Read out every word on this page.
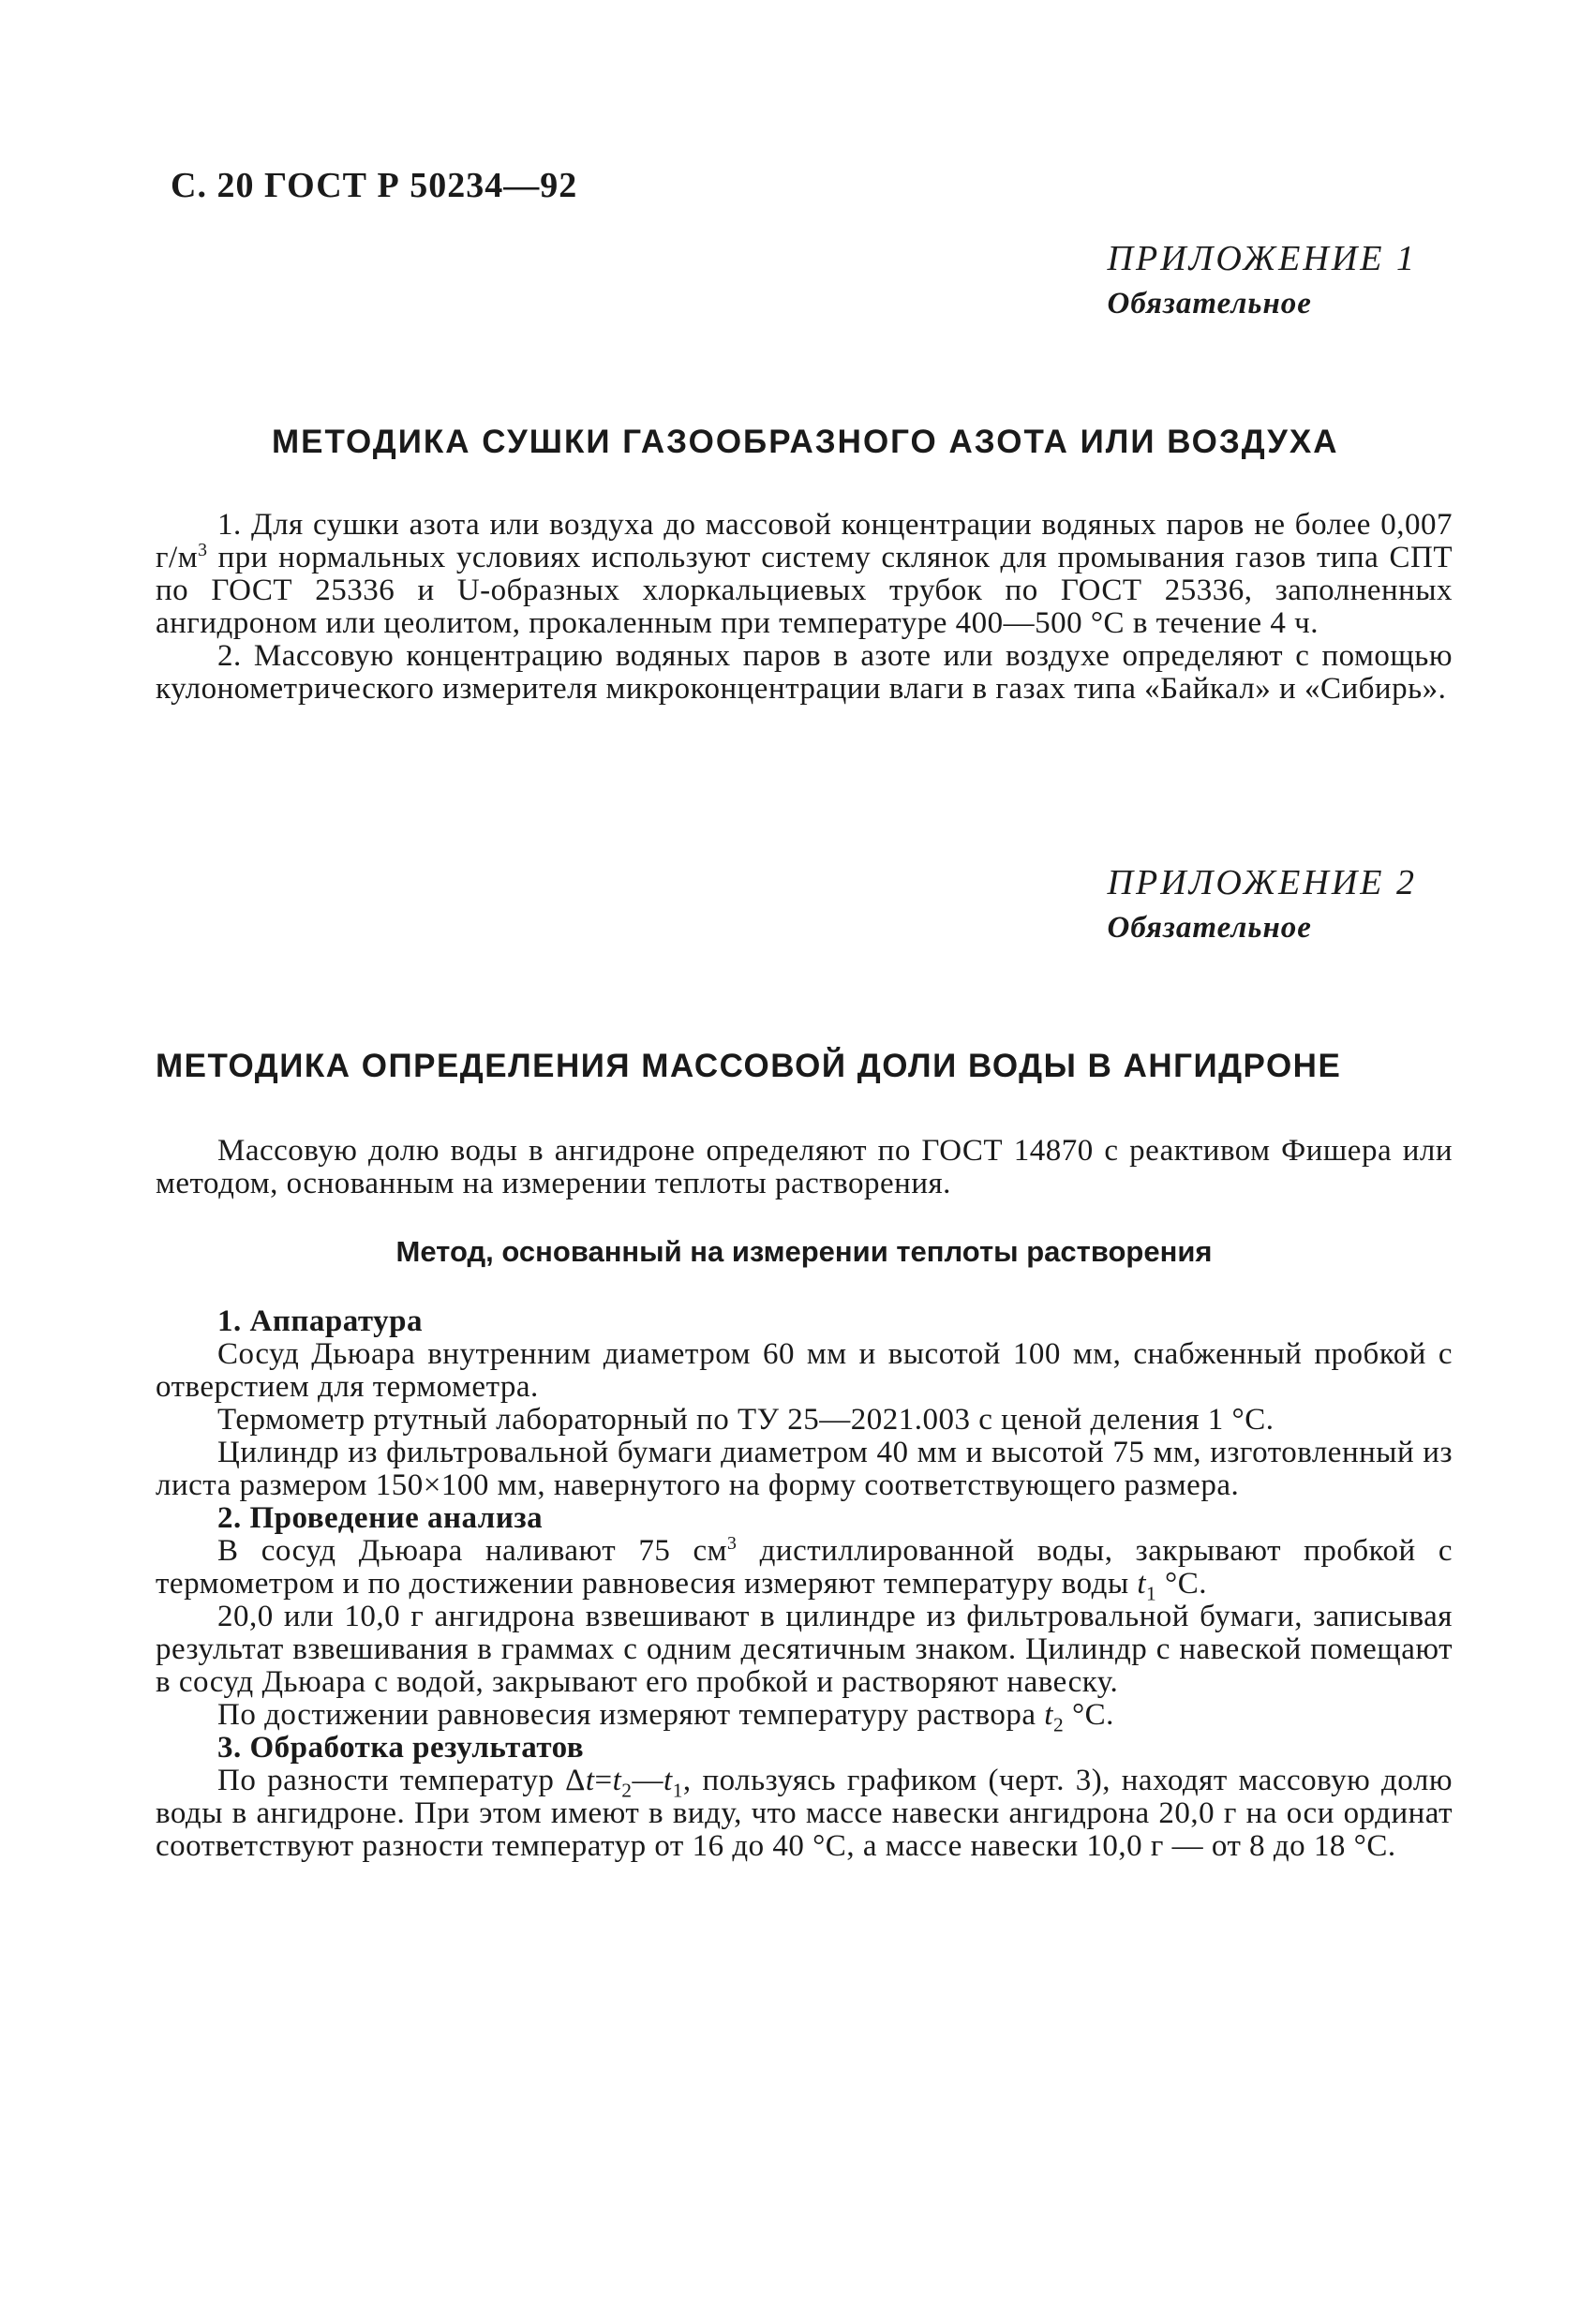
С. 20 ГОСТ Р 50234—92
ПРИЛОЖЕНИЕ 1
Обязательное
МЕТОДИКА СУШКИ ГАЗООБРАЗНОГО АЗОТА ИЛИ ВОЗДУХА

1. Для сушки азота или воздуха до массовой концентрации водяных паров не более 0,007 $г/м^3$ при нормальных условиях используют систему склянок для промывания газов типа СПТ по ГОСТ 25336 и U-образных хлоркальциевых трубок по ГОСТ 25336, заполненных ангидроном или цеолитом, прокаленным при температуре 400—500 °С в течение 4 ч.

2. Массовую концентрацию водяных паров в азоте или воздухе определяют с помощью кулонометрического измерителя микроконцентрации влаги в газах типа «Байкал» и «Сибирь».

ПРИЛОЖЕНИЕ 2
Обязательное
МЕТОДИКА ОПРЕДЕЛЕНИЯ МАССОВОЙ ДОЛИ ВОДЫ В АНГИДРОНЕ

Массовую долю воды в ангидроне определяют по ГОСТ 14870 с реактивом Фишера или методом, основанным на измерении теплоты растворения.

Метод, основанный на измерении теплоты растворения

1. Аппаратура

Сосуд Дьюара внутренним диаметром 60 мм и высотой 100 мм, снабженный пробкой с отверстием для термометра.

Термометр ртутный лабораторный по ТУ 25—2021.003 с ценой деления 1 °С.

Цилиндр из фильтровальной бумаги диаметром 40 мм и высотой 75 мм, изготовленный из листа размером 150×100 мм, навернутого на форму соответствующего размера.

2. Проведение анализа

В сосуд Дьюара наливают 75 $см^3$ дистиллированной воды, закрывают пробкой с термометром и по достижении равновесия измеряют температуру воды $t_1$ °С.

20,0 или 10,0 г ангидрона взвешивают в цилиндре из фильтровальной бумаги, записывая результат взвешивания в граммах с одним десятичным знаком. Цилиндр с навеской помещают в сосуд Дьюара с водой, закрывают его пробкой и растворяют навеску.

По достижении равновесия измеряют температуру раствора $t_2$ °С.

3. Обработка результатов

По разности температур $\Delta t=t_2—t_1$, пользуясь графиком (черт. 3), находят массовую долю воды в ангидроне. При этом имеют в виду, что массе навески ангидрона 20,0 г на оси ординат соответствуют разности температур от 16 до 40 °С, а массе навески 10,0 г — от 8 до 18 °С.
